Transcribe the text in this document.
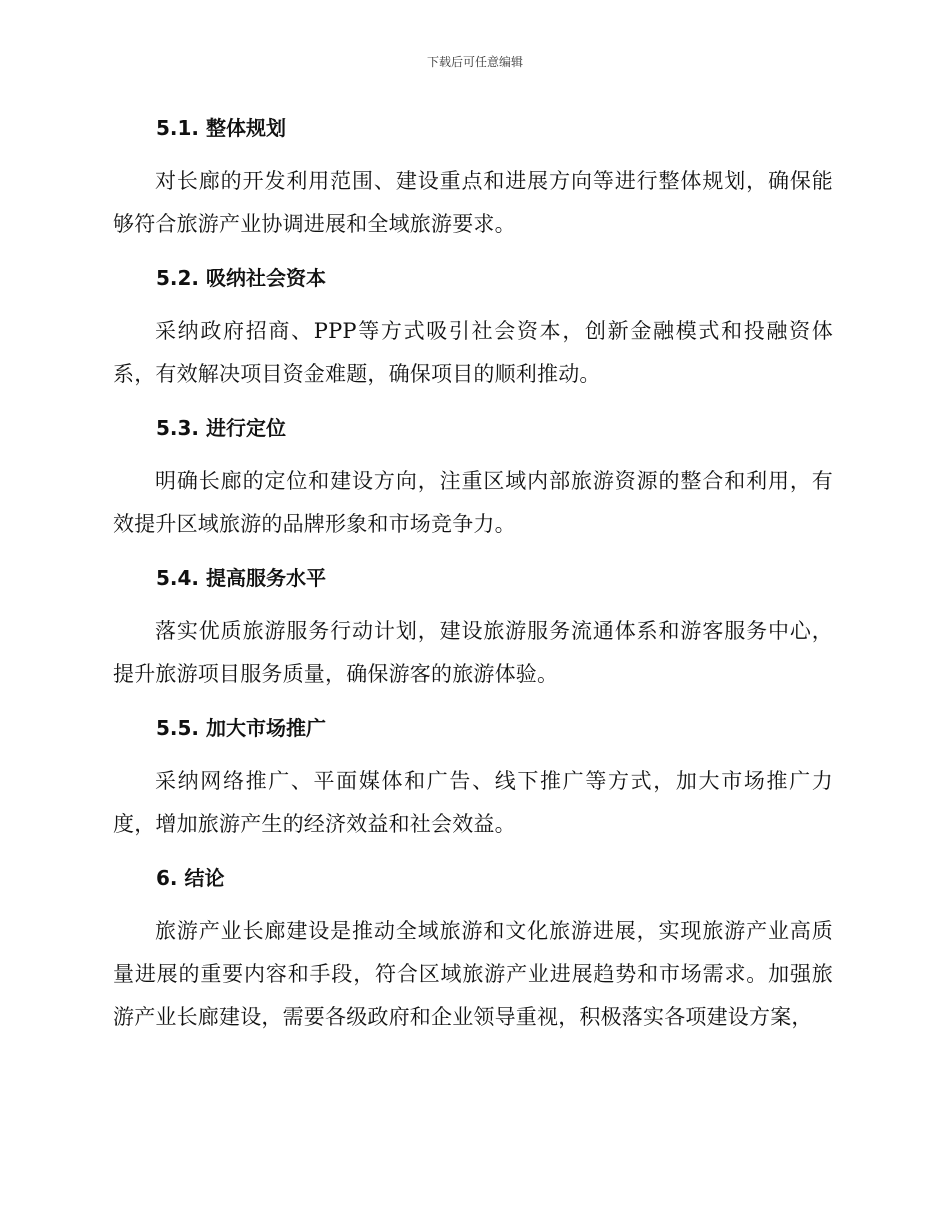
下载后可任意编辑
5.1. 整体规划

对长廊的开发利用范围、建设重点和进展方向等进行整体规划，确保能够符合旅游产业协调进展和全域旅游要求。

5.2. 吸纳社会资本

采纳政府招商、PPP等方式吸引社会资本，创新金融模式和投融资体系，有效解决项目资金难题，确保项目的顺利推动。

5.3. 进行定位

明确长廊的定位和建设方向，注重区域内部旅游资源的整合和利用，有效提升区域旅游的品牌形象和市场竞争力。

5.4. 提高服务水平

落实优质旅游服务行动计划，建设旅游服务流通体系和游客服务中心，提升旅游项目服务质量，确保游客的旅游体验。

5.5. 加大市场推广

采纳网络推广、平面媒体和广告、线下推广等方式，加大市场推广力度，增加旅游产生的经济效益和社会效益。

6. 结论

旅游产业长廊建设是推动全域旅游和文化旅游进展，实现旅游产业高质量进展的重要内容和手段，符合区域旅游产业进展趋势和市场需求。加强旅游产业长廊建设，需要各级政府和企业领导重视，积极落实各项建设方案，
